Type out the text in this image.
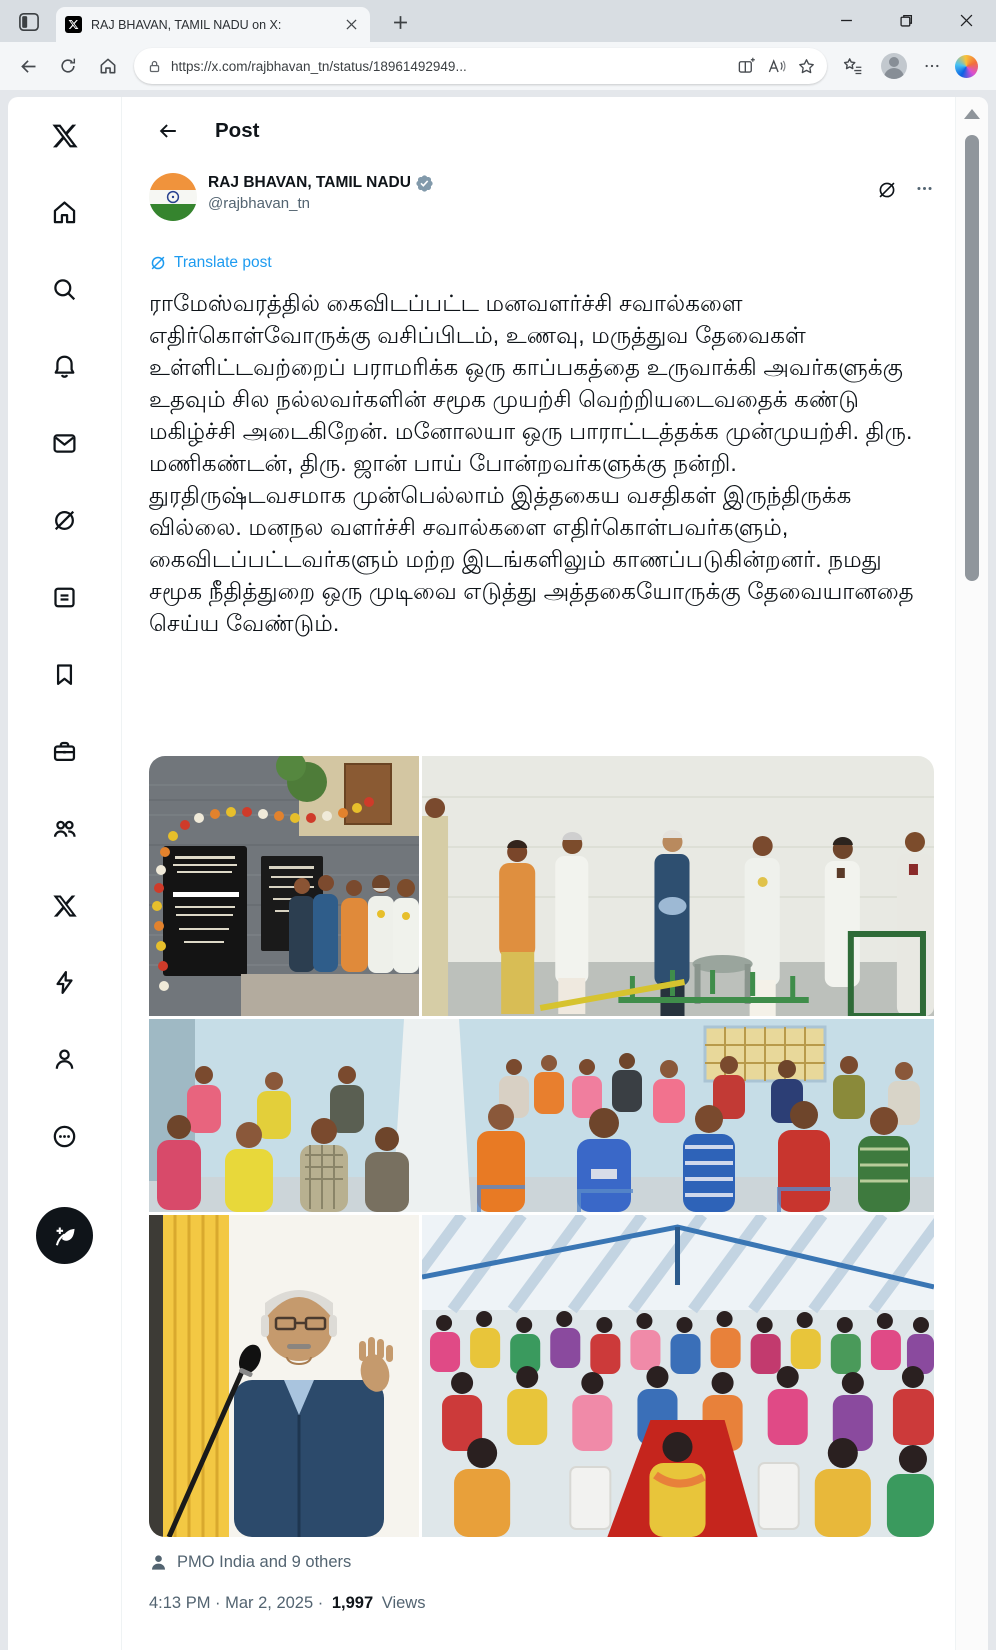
RAJ BHAVAN, TAMIL NADU on X:
https://x.com/rajbhavan_tn/status/18961492949...
Post
RAJ BHAVAN, TAMIL NADU
@rajbhavan_tn
Translate post
ராமேஸ்வரத்தில் கைவிடப்பட்ட மனவளர்ச்சி சவால்களை எதிர்கொள்வோருக்கு வசிப்பிடம், உணவு, மருத்துவ தேவைகள் உள்ளிட்டவற்றைப் பராமரிக்க ஒரு காப்பகத்தை உருவாக்கி அவர்களுக்கு உதவும் சில நல்லவர்களின் சமூக முயற்சி வெற்றியடைவதைக் கண்டு மகிழ்ச்சி அடைகிறேன். மனோலயா ஒரு பாராட்டத்தக்க முன்முயற்சி. திரு. மணிகண்டன், திரு. ஜான் பாய் போன்றவர்களுக்கு நன்றி. துரதிருஷ்டவசமாக முன்பெல்லாம் இத்தகைய வசதிகள் இருந்திருக்க வில்லை. மனநல வளர்ச்சி சவால்களை எதிர்கொள்பவர்களும், கைவிடப்பட்டவர்களும் மற்ற இடங்களிலும் காணப்படுகின்றனர். நமது சமூக நீதித்துறை ஒரு முடிவை எடுத்து அத்தகையோருக்கு தேவையானதை செய்ய வேண்டும்.
PMO India and 9 others
4:13 PM · Mar 2, 2025 · 1,997 Views
